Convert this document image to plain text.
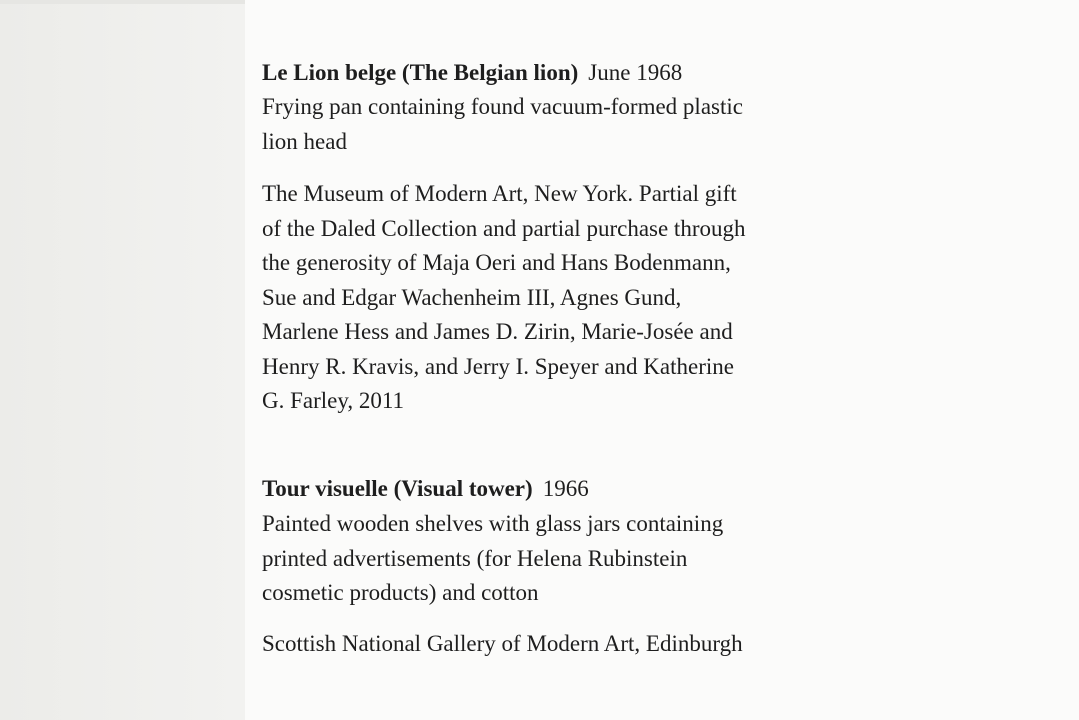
Le Lion belge (The Belgian lion) June 1968
Frying pan containing found vacuum-formed plastic
lion head
The Museum of Modern Art, New York. Partial gift
of the Daled Collection and partial purchase through
the generosity of Maja Oeri and Hans Bodenmann,
Sue and Edgar Wachenheim III, Agnes Gund,
Marlene Hess and James D. Zirin, Marie-Josée and
Henry R. Kravis, and Jerry I. Speyer and Katherine
G. Farley, 2011
Tour visuelle (Visual tower) 1966
Painted wooden shelves with glass jars containing
printed advertisements (for Helena Rubinstein
cosmetic products) and cotton
Scottish National Gallery of Modern Art, Edinburgh
